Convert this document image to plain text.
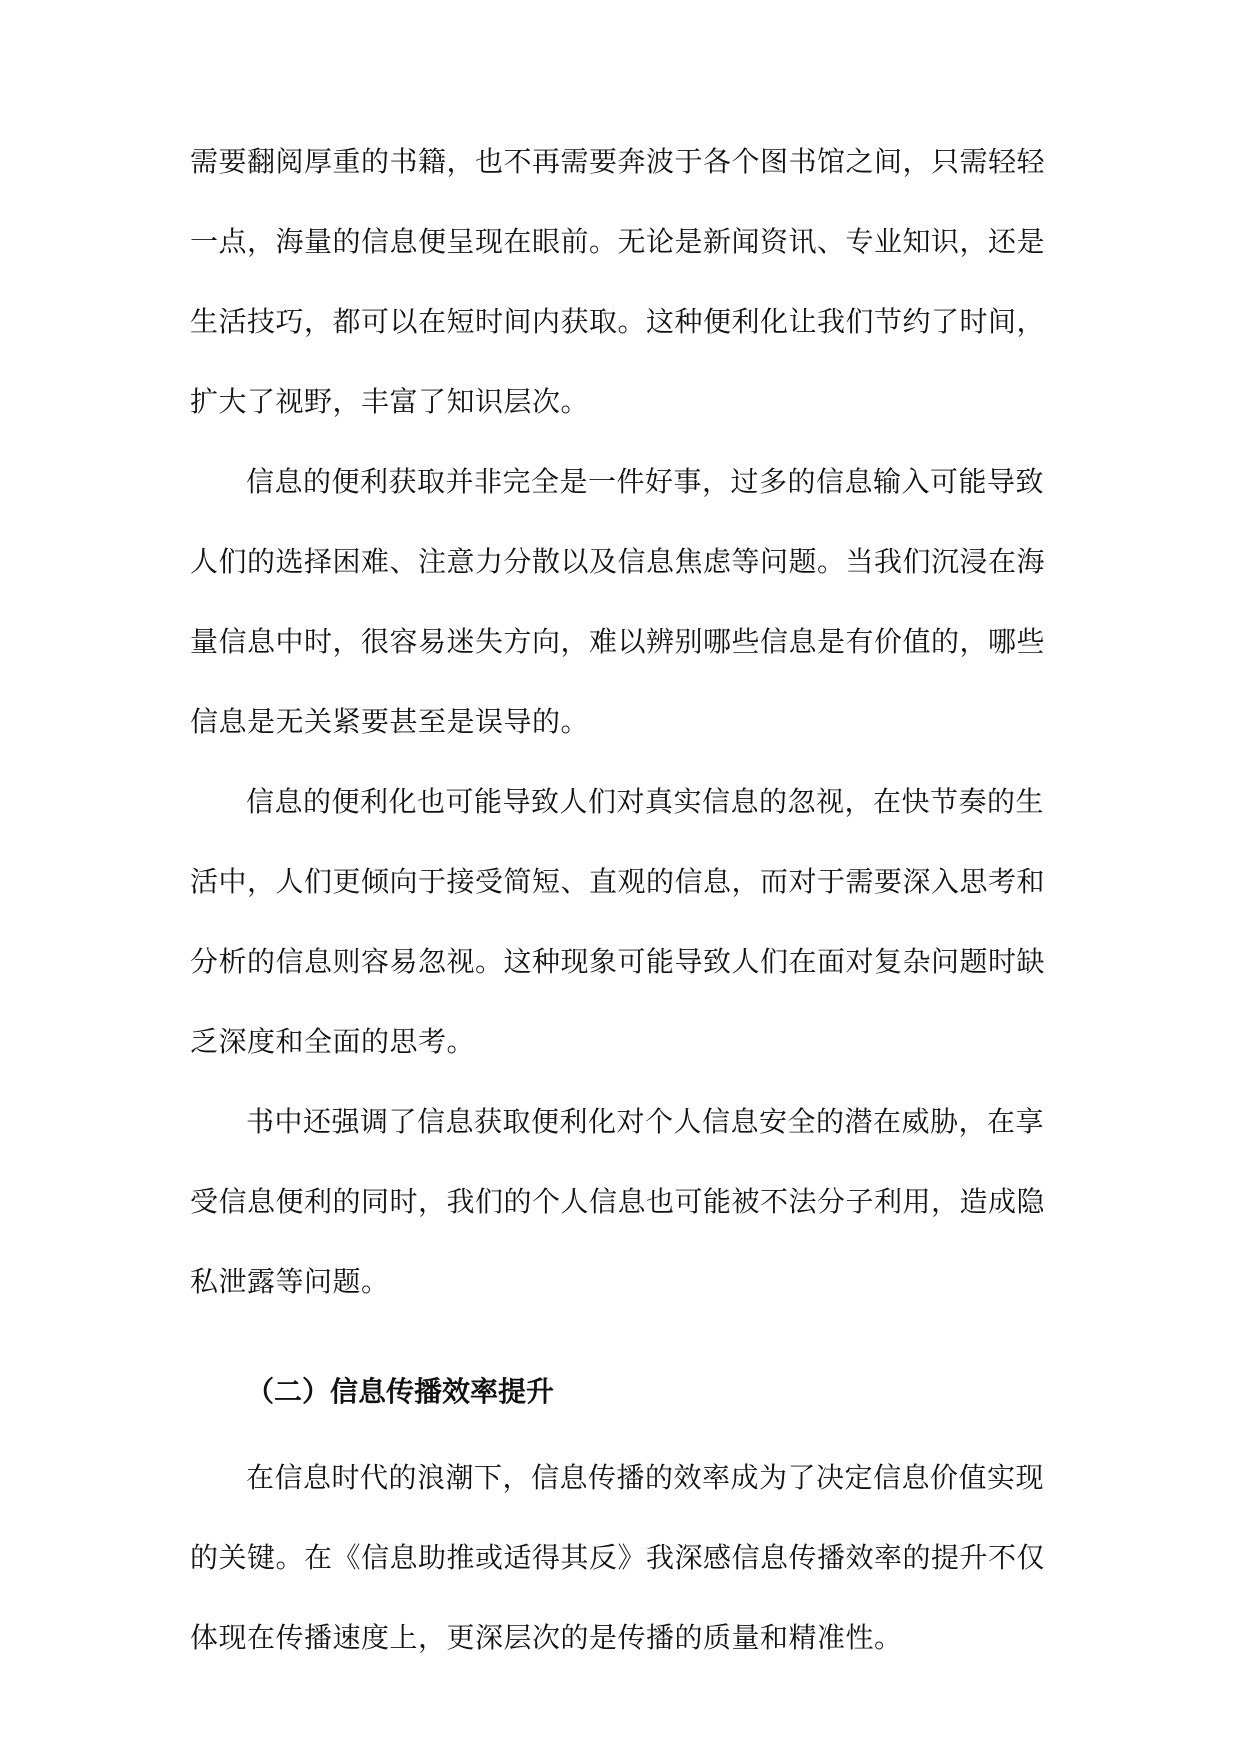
需要翻阅厚重的书籍，也不再需要奔波于各个图书馆之间，只需轻轻
一点，海量的信息便呈现在眼前。无论是新闻资讯、专业知识，还是
生活技巧，都可以在短时间内获取。这种便利化让我们节约了时间，
扩大了视野，丰富了知识层次。
信息的便利获取并非完全是一件好事，过多的信息输入可能导致
人们的选择困难、注意力分散以及信息焦虑等问题。当我们沉浸在海
量信息中时，很容易迷失方向，难以辨别哪些信息是有价值的，哪些
信息是无关紧要甚至是误导的。
信息的便利化也可能导致人们对真实信息的忽视，在快节奏的生
活中，人们更倾向于接受简短、直观的信息，而对于需要深入思考和
分析的信息则容易忽视。这种现象可能导致人们在面对复杂问题时缺
乏深度和全面的思考。
书中还强调了信息获取便利化对个人信息安全的潜在威胁，在享
受信息便利的同时，我们的个人信息也可能被不法分子利用，造成隐
私泄露等问题。
（二）信息传播效率提升
在信息时代的浪潮下，信息传播的效率成为了决定信息价值实现
的关键。在《信息助推或适得其反》我深感信息传播效率的提升不仅
体现在传播速度上，更深层次的是传播的质量和精准性。
